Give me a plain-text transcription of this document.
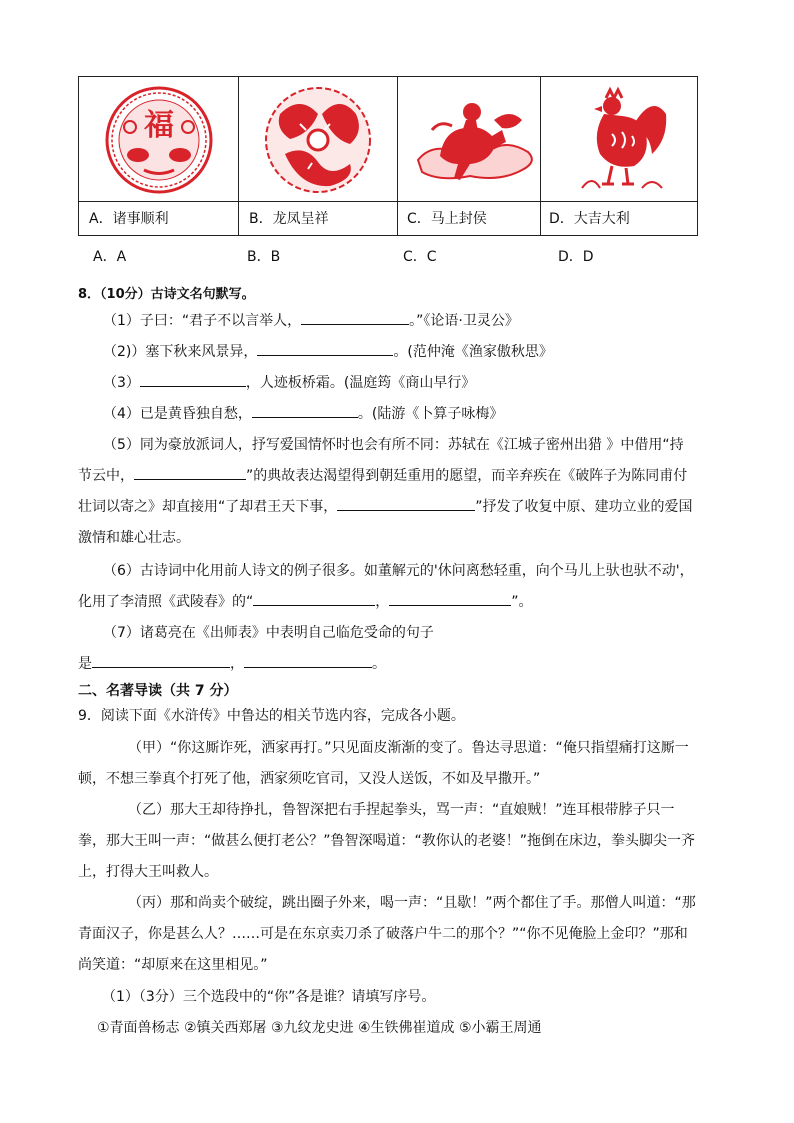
福
A．诸事顺利	B．龙凤呈祥	C．马上封侯	D．大吉大利
A．A	B．B	C．C	D．D
8．（10分）古诗文名句默写。
（1）子曰：“君子不以言举人，	。”《论语·卫灵公》
（2)）塞下秋来风景异，	。(范仲淹《渔家傲秋思》
（3）	，人迹板桥霜。(温庭筠《商山早行》
（4）已是黄昏独自愁，	。(陆游《卜算子咏梅》
（5）同为豪放派词人，抒写爱国情怀时也会有所不同：苏轼在《江城子密州出猎 》中借用“持
节云中，	”的典故表达渴望得到朝廷重用的愿望，而辛弃疾在《破阵子为陈同甫付
壮词以寄之》却直接用“了却君王天下事，	”抒发了收复中原、建功立业的爱国
激情和雄心壮志。
（6）古诗词中化用前人诗文的例子很多。如董解元的'休问离愁轻重，向个马儿上驮也驮不动'，
化用了李清照《武陵春》的“	，	”。
（7）诸葛亮在《出师表》中表明自己临危受命的句子
是	，	。
二、名著导读（共 7 分）
9．阅读下面《水浒传》中鲁达的相关节选内容，完成各小题。
（甲）“你这厮诈死，洒家再打。”只见面皮渐渐的变了。鲁达寻思道：“俺只指望痛打这厮一
顿，不想三拳真个打死了他，洒家须吃官司，又没人送饭，不如及早撒开。”
（乙）那大王却待挣扎，鲁智深把右手捏起拳头，骂一声：“直娘贼！”连耳根带脖子只一
拳，那大王叫一声：“做甚么便打老公？”鲁智深喝道：“教你认的老婆！”拖倒在床边，拳头脚尖一齐
上，打得大王叫救人。
（丙）那和尚卖个破绽，跳出圈子外来，喝一声：“且歇！”两个都住了手。那僧人叫道：“那
青面汉子，你是甚么人？……可是在东京卖刀杀了破落户牛二的那个？”“你不见俺脸上金印？”那和
尚笑道：“却原来在这里相见。”
（1）（3分）三个选段中的“你”各是谁？请填写序号。
①青面兽杨志 ②镇关西郑屠 ③九纹龙史进 ④生铁佛崔道成 ⑤小霸王周通
